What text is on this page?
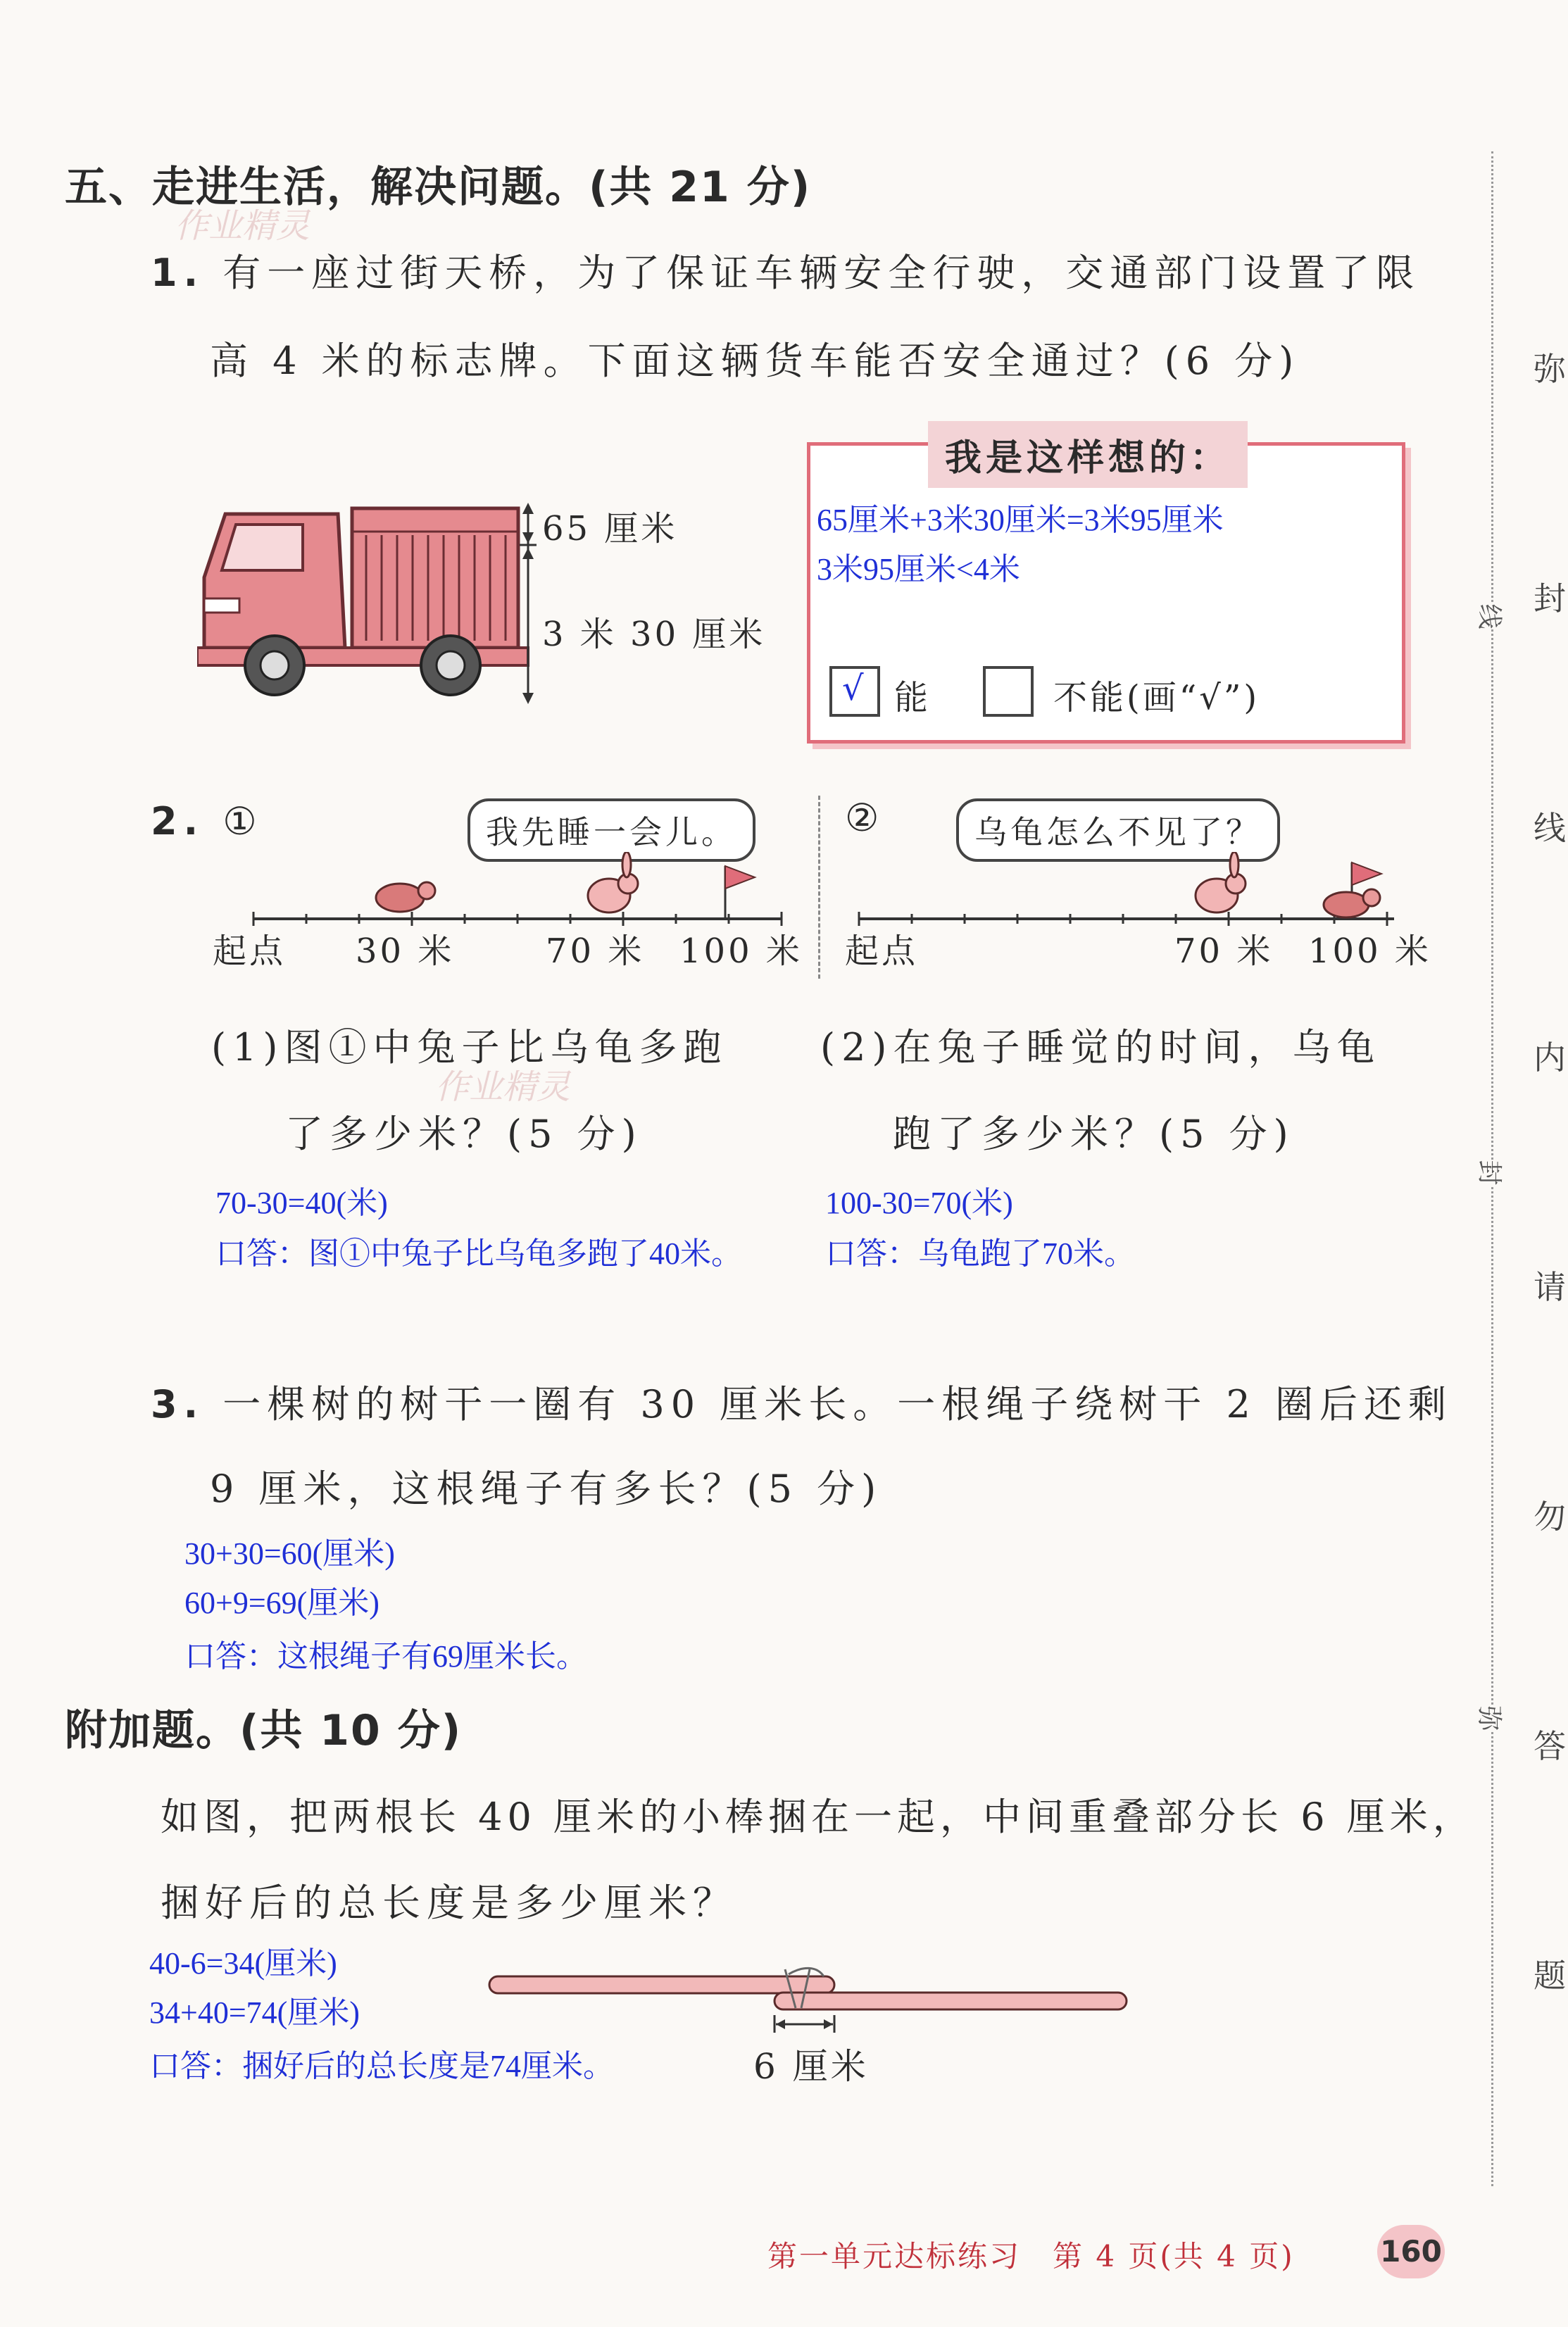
五、走进生活，解决问题。(共 21 分)
作业精灵
1. 有一座过街天桥，为了保证车辆安全行驶，交通部门设置了限
高 4 米的标志牌。下面这辆货车能否安全通过？(6 分)
65 厘米
3 米 30 厘米
我是这样想的：
65厘米+3米30厘米=3米95厘米
3米95厘米<4米
√ 能	不能(画“√”)
2. ①	我先睡一会儿。
起点 30 米	70 米 100 米
②	乌龟怎么不见了？
起点	70 米 100 米
(1)图①中兔子比乌龟多跑
了多少米？(5 分)
作业精灵
(2)在兔子睡觉的时间，乌龟
跑了多少米？(5 分)
70-30=40(米)
口答：图①中兔子比乌龟多跑了40米。
100-30=70(米)
口答：乌龟跑了70米。
3. 一棵树的树干一圈有 30 厘米长。一根绳子绕树干 2 圈后还剩
9 厘米，这根绳子有多长？(5 分)
30+30=60(厘米)
60+9=69(厘米)
口答：这根绳子有69厘米长。
附加题。(共 10 分)
如图，把两根长 40 厘米的小棒捆在一起，中间重叠部分长 6 厘米，
捆好后的总长度是多少厘米？
40-6=34(厘米)
34+40=74(厘米)
口答：捆好后的总长度是74厘米。	6 厘米
弥
封
线
内
请
勿
答
题
线
封
弥
第一单元达标练习　第 4 页(共 4 页)	160
